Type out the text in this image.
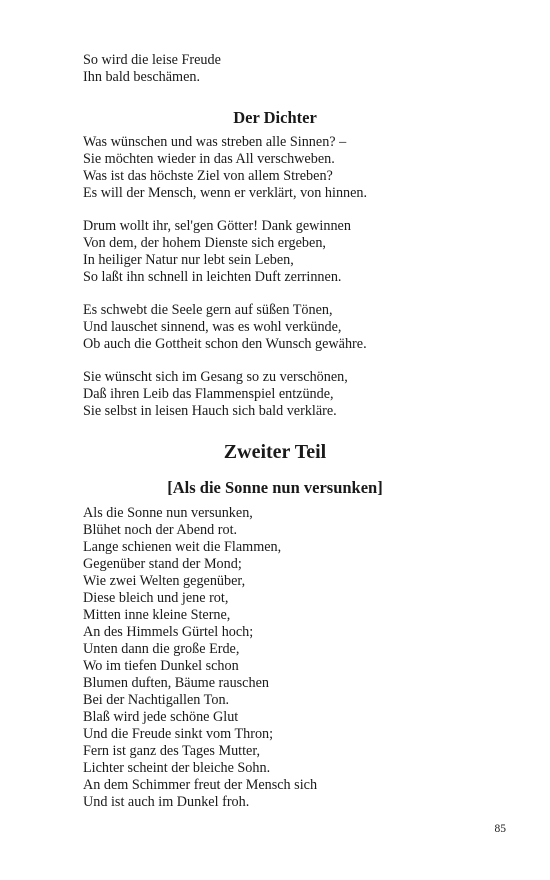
So wird die leise Freude
Ihn bald beschämen.
Der Dichter
Was wünschen und was streben alle Sinnen? –
Sie möchten wieder in das All verschweben.
Was ist das höchste Ziel von allem Streben?
Es will der Mensch, wenn er verklärt, von hinnen.
Drum wollt ihr, sel'gen Götter! Dank gewinnen
Von dem, der hohem Dienste sich ergeben,
In heiliger Natur nur lebt sein Leben,
So laßt ihn schnell in leichten Duft zerrinnen.
Es schwebt die Seele gern auf süßen Tönen,
Und lauschet sinnend, was es wohl verkünde,
Ob auch die Gottheit schon den Wunsch gewähre.
Sie wünscht sich im Gesang so zu verschönen,
Daß ihren Leib das Flammenspiel entzünde,
Sie selbst in leisen Hauch sich bald verkläre.
Zweiter Teil
[Als die Sonne nun versunken]
Als die Sonne nun versunken,
Blühet noch der Abend rot.
Lange schienen weit die Flammen,
Gegenüber stand der Mond;
Wie zwei Welten gegenüber,
Diese bleich und jene rot,
Mitten inne kleine Sterne,
An des Himmels Gürtel hoch;
Unten dann die große Erde,
Wo im tiefen Dunkel schon
Blumen duften, Bäume rauschen
Bei der Nachtigallen Ton.
Blaß wird jede schöne Glut
Und die Freude sinkt vom Thron;
Fern ist ganz des Tages Mutter,
Lichter scheint der bleiche Sohn.
An dem Schimmer freut der Mensch sich
Und ist auch im Dunkel froh.
85
